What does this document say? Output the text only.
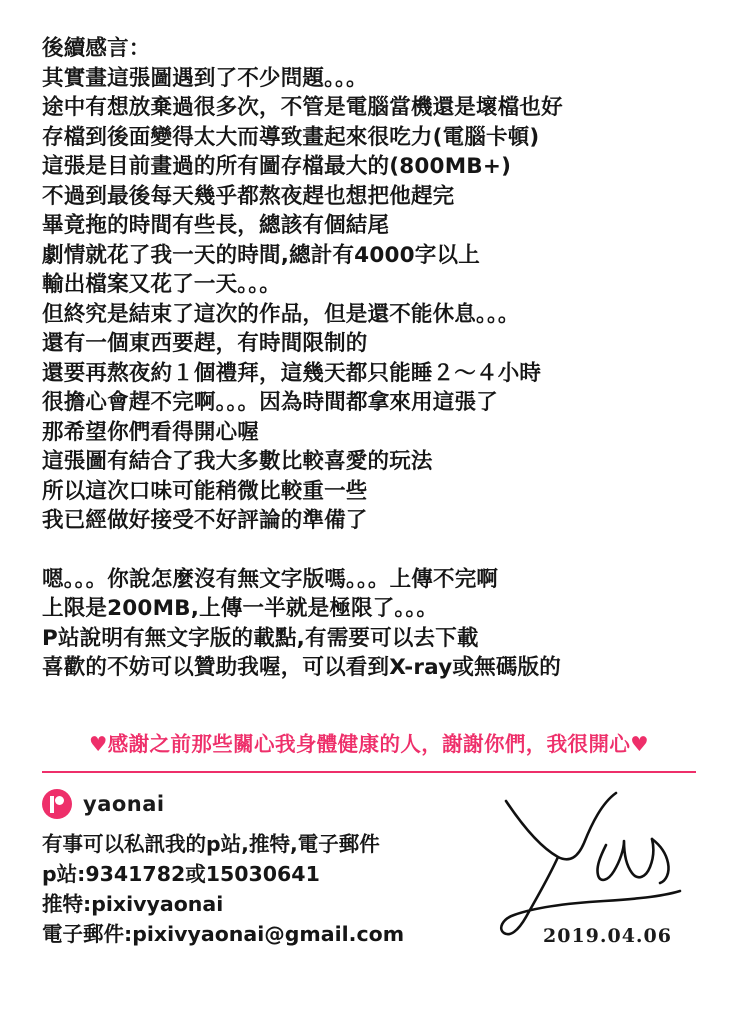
後續感言：
其實畫這張圖遇到了不少問題。。。
途中有想放棄過很多次，不管是電腦當機還是壞檔也好
存檔到後面變得太大而導致畫起來很吃力(電腦卡頓)
這張是目前畫過的所有圖存檔最大的(800MB+)
不過到最後每天幾乎都熬夜趕也想把他趕完
畢竟拖的時間有些長，總該有個結尾
劇情就花了我一天的時間,總計有4000字以上
輸出檔案又花了一天。。。
但終究是結束了這次的作品，但是還不能休息。。。
還有一個東西要趕，有時間限制的
還要再熬夜約１個禮拜，這幾天都只能睡２～４小時
很擔心會趕不完啊。。。因為時間都拿來用這張了
那希望你們看得開心喔
這張圖有結合了我大多數比較喜愛的玩法
所以這次口味可能稍微比較重一些
我已經做好接受不好評論的準備了
嗯。。。你說怎麼沒有無文字版嗎。。。上傳不完啊
上限是200MB,上傳一半就是極限了。。。
P站說明有無文字版的載點,有需要可以去下載
喜歡的不妨可以贊助我喔，可以看到X-ray或無碼版的
♥感謝之前那些關心我身體健康的人，謝謝你們，我很開心♥
yaonai
有事可以私訊我的p站,推特,電子郵件
p站:9341782或15030641
推特:pixivyaonai
電子郵件:pixivyaonai@gmail.com	2019.04.06
